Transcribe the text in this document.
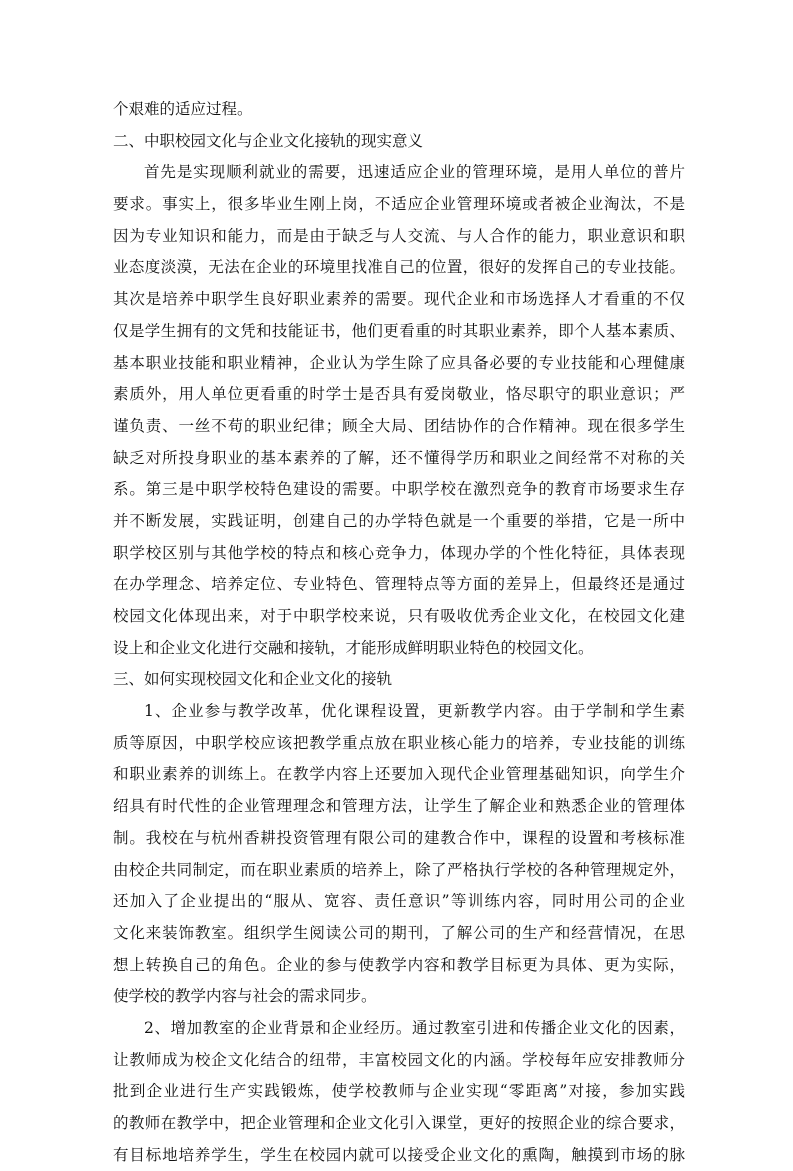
个艰难的适应过程。
二、中职校园文化与企业文化接轨的现实意义
首先是实现顺利就业的需要，迅速适应企业的管理环境，是用人单位的普片
要求。事实上，很多毕业生刚上岗，不适应企业管理环境或者被企业淘汰，不是
因为专业知识和能力，而是由于缺乏与人交流、与人合作的能力，职业意识和职
业态度淡漠，无法在企业的环境里找准自己的位置，很好的发挥自己的专业技能。
其次是培养中职学生良好职业素养的需要。现代企业和市场选择人才看重的不仅
仅是学生拥有的文凭和技能证书，他们更看重的时其职业素养，即个人基本素质、
基本职业技能和职业精神，企业认为学生除了应具备必要的专业技能和心理健康
素质外，用人单位更看重的时学士是否具有爱岗敬业，恪尽职守的职业意识；严
谨负责、一丝不苟的职业纪律；顾全大局、团结协作的合作精神。现在很多学生
缺乏对所投身职业的基本素养的了解，还不懂得学历和职业之间经常不对称的关
系。第三是中职学校特色建设的需要。中职学校在激烈竞争的教育市场要求生存
并不断发展，实践证明，创建自己的办学特色就是一个重要的举措，它是一所中
职学校区别与其他学校的特点和核心竞争力，体现办学的个性化特征，具体表现
在办学理念、培养定位、专业特色、管理特点等方面的差异上，但最终还是通过
校园文化体现出来，对于中职学校来说，只有吸收优秀企业文化，在校园文化建
设上和企业文化进行交融和接轨，才能形成鲜明职业特色的校园文化。
三、如何实现校园文化和企业文化的接轨
1、企业参与教学改革，优化课程设置，更新教学内容。由于学制和学生素
质等原因，中职学校应该把教学重点放在职业核心能力的培养，专业技能的训练
和职业素养的训练上。在教学内容上还要加入现代企业管理基础知识，向学生介
绍具有时代性的企业管理理念和管理方法，让学生了解企业和熟悉企业的管理体
制。我校在与杭州香耕投资管理有限公司的建教合作中，课程的设置和考核标准
由校企共同制定，而在职业素质的培养上，除了严格执行学校的各种管理规定外，
还加入了企业提出的“服从、宽容、责任意识”等训练内容，同时用公司的企业
文化来装饰教室。组织学生阅读公司的期刊，了解公司的生产和经营情况，在思
想上转换自己的角色。企业的参与使教学内容和教学目标更为具体、更为实际，
使学校的教学内容与社会的需求同步。
2、增加教室的企业背景和企业经历。通过教室引进和传播企业文化的因素，
让教师成为校企文化结合的纽带，丰富校园文化的内涵。学校每年应安排教师分
批到企业进行生产实践锻炼，使学校教师与企业实现“零距离”对接，参加实践
的教师在教学中，把企业管理和企业文化引入课堂，更好的按照企业的综合要求，
有目标地培养学生，学生在校园内就可以接受企业文化的熏陶，触摸到市场的脉
